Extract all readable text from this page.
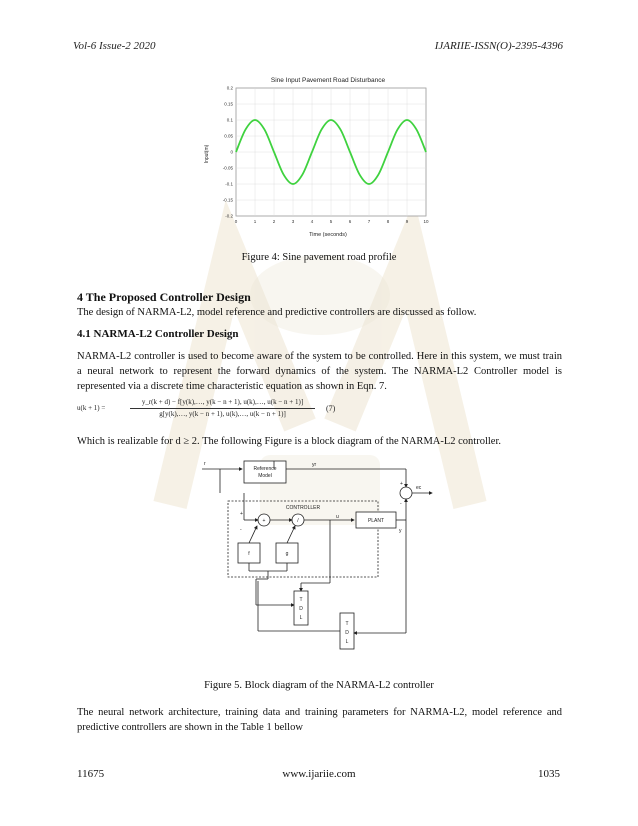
Vol-6 Issue-2 2020	IJARIIE-ISSN(O)-2395-4396
Sine Input Pavement Road Disturbance
Input(m)
Time (seconds)
0	1	2	3	4	5	6	7	8	9	10
0.2
0.15
0.1
0.05
0
-0.05
-0.1
-0.15
-0.2
Figure 4: Sine pavement road profile
4 The Proposed Controller Design
The design of NARMA-L2, model reference and predictive controllers are discussed as follow.
4.1 NARMA-L2 Controller Design
NARMA-L2 controller is used to become aware of the system to be controlled. Here in this system, we must train a neural network to represent the forward dynamics of the system. The NARMA-L2 Controller model is represented via a discrete time characteristic equation as shown in Eqn. 7.
u(k + 1) =
y_r(k + d) − f[y(k),…, y(k − n + 1), u(k),…, u(k − n + 1)]
g[y(k),…, y(k − n + 1), u(k),…, u(k − n + 1)]
(7)
Which is realizable for d ≥ 2. The following Figure is a block diagram of the NARMA-L2 controller.
r
Reference
Model
yr
CONTROLLER
u
PLANT
y
ec
f	g
+	/
+
-
+
-
T
D
L
T
D
L
Figure 5. Block diagram of the NARMA-L2 controller
The neural network architecture, training data and training parameters for NARMA-L2, model reference and predictive controllers are shown in the Table 1 bellow
11675	www.ijariie.com	1035
